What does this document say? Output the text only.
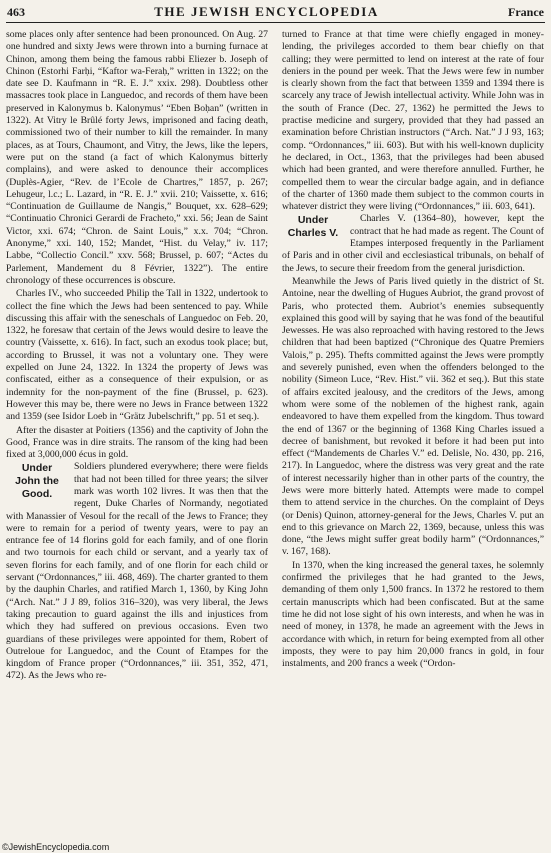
463	THE JEWISH ENCYCLOPEDIA	France

some places only after sentence had been pronounced. On Aug. 27 one hundred and sixty Jews were thrown into a burning furnace at Chinon, among them being the famous rabbi Eliezer b. Joseph of Chinon (Estorhi Farḥi, “Kaftor wa-Feraḥ,” written in 1322; on the date see D. Kaufmann in “R. E. J.” xxix. 298). Doubtless other massacres took place in Languedoc, and records of them have been preserved in Kalonymus b. Kalonymus’ “Eben Boḥan” (written in 1322). At Vitry le Brûlé forty Jews, imprisoned and facing death, commissioned two of their number to kill the remainder. In many places, as at Tours, Chaumont, and Vitry, the Jews, like the lepers, were put on the stand (a fact of which Kalonymus bitterly complains), and were asked to denounce their accomplices (Duplès-Agier, “Rev. de l’Ecole de Chartres,” 1857, p. 267; Lehugeur, l.c.; L. Lazard, in “R. E. J.” xvii. 210; Vaissette, x. 616; “Continuation de Guillaume de Nangis,” Bouquet, xx. 628–629; “Continuatio Chronici Gerardi de Fracheto,” xxi. 56; Jean de Saint Victor, xxi. 674; “Chron. de Saint Louis,” x.x. 704; “Chron. Anonyme,” xxi. 140, 152; Mandet, “Hist. du Velay,” iv. 117; Labbe, “Collectio Concil.” xxv. 568; Brussel, p. 607; “Actes du Parlement, Mandement du 8 Février, 1322”). The entire chronology of these occurrences is obscure.

Charles IV., who succeeded Philip the Tall in 1322, undertook to collect the fine which the Jews had been sentenced to pay. While discussing this affair with the seneschals of Languedoc on Feb. 20, 1322, he foresaw that certain of the Jews would desire to leave the country (Vaissette, x. 616). In fact, such an exodus took place; but, according to Brussel, it was not a voluntary one. They were expelled on June 24, 1322. In 1324 the property of Jews was confiscated, either as a consequence of their expulsion, or as indemnity for the non-payment of the fine (Brussel, p. 623). However this may be, there were no Jews in France between 1322 and 1359 (see Isidor Loeb in “Grätz Jubelschrift,” pp. 51 et seq.).

After the disaster at Poitiers (1356) and the captivity of John the Good, France was in dire straits. The ransom of the king had been fixed at 3,000,000 écus in gold.

Under
John the
Good.

Soldiers plundered everywhere; there were fields that had not been tilled for three years; the silver mark was worth 102 livres. It was then that the regent, Duke Charles of Normandy, negotiated with Manassier of Vesoul for the recall of the Jews to France; they were to remain for a period of twenty years, were to pay an entrance fee of 14 florins gold for each family, and of one florin and two tournois for each child or servant, and a yearly tax of seven florins for each family, and of one florin for each child or servant (“Ordonnances,” iii. 468, 469). The charter granted to them by the dauphin Charles, and ratified March 1, 1360, by King John (“Arch. Nat.” J J 89, folios 316–320), was very liberal, the Jews taking precaution to guard against the ills and injustices from which they had suffered on previous occasions. Even two guardians of these privileges were appointed for them, Robert of Outreloue for Languedoc, and the Count of Etampes for the kingdom of France proper (“Ordonnances,” iii. 351, 352, 471, 472). As the Jews who re-

turned to France at that time were chiefly engaged in money-lending, the privileges accorded to them bear chiefly on that calling; they were permitted to lend on interest at the rate of four deniers in the pound per week. That the Jews were few in number is clearly shown from the fact that between 1359 and 1394 there is scarcely any trace of Jewish intellectual activity. While John was in the south of France (Dec. 27, 1362) he permitted the Jews to practise medicine and surgery, provided that they had passed an examination before Christian instructors (“Arch. Nat.” J J 93, 163; comp. “Ordonnances,” iii. 603). But with his well-known duplicity he declared, in Oct., 1363, that the privileges had been abused which had been granted, and were therefore annulled. Further, he compelled them to wear the circular badge again, and in defiance of the charter of 1360 made them subject to the common courts in whatever district they were living (“Ordonnances,” iii. 603, 641).

Under
Charles V.

Charles V. (1364–80), however, kept the contract that he had made as regent. The Count of Etampes interposed frequently in the Parliament of Paris and in other civil and ecclesiastical tribunals, on behalf of the Jews, to secure their freedom from the general jurisdiction.

Meanwhile the Jews of Paris lived quietly in the district of St. Antoine, near the dwelling of Hugues Aubriot, the grand provost of Paris, who protected them. Aubriot’s enemies subsequently explained this good will by saying that he was fond of the beautiful Jewesses. He was also reproached with having restored to the Jews children that had been baptized (“Chronique des Quatre Premiers Valois,” p. 295). Thefts committed against the Jews were promptly and severely punished, even when the offenders belonged to the nobility (Simeon Luce, “Rev. Hist.” vii. 362 et seq.). But this state of affairs excited jealousy, and the creditors of the Jews, among whom were some of the noblemen of the highest rank, again endeavored to have them expelled from the kingdom. Thus toward the end of 1367 or the beginning of 1368 King Charles issued a decree of banishment, but revoked it before it had been put into effect (“Mandements de Charles V.” ed. Delisle, No. 430, pp. 216, 217). In Languedoc, where the distress was very great and the rate of interest necessarily higher than in other parts of the country, the Jews were more bitterly hated. Attempts were made to compel them to attend service in the churches. On the complaint of Deys (or Denis) Quinon, attorney-general for the Jews, Charles V. put an end to this grievance on March 22, 1369, because, unless this was done, “the Jews might suffer great bodily harm” (“Ordonnances,” v. 167, 168).

In 1370, when the king increased the general taxes, he solemnly confirmed the privileges that he had granted to the Jews, demanding of them only 1,500 francs. In 1372 he restored to them certain manuscripts which had been confiscated. But at the same time he did not lose sight of his own interests, and when he was in need of money, in 1378, he made an agreement with the Jews in accordance with which, in return for being exempted from all other imposts, they were to pay him 20,000 francs in gold, in four instalments, and 200 francs a week (“Ordon-

©JewishEncyclopedia.com
